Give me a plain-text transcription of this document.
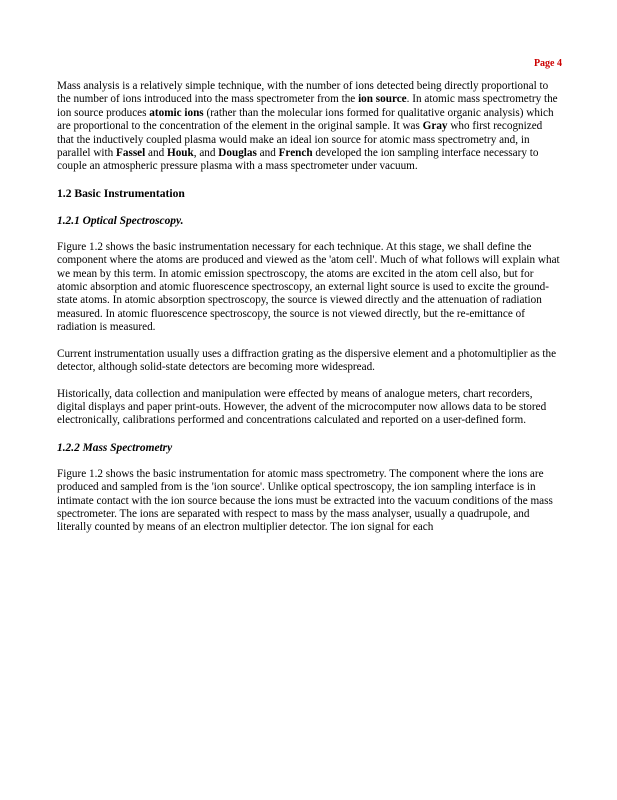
Page 4

Mass analysis is a relatively simple technique, with the number of ions detected being directly proportional to the number of ions introduced into the mass spectrometer from the ion source. In atomic mass spectrometry the ion source produces atomic ions (rather than the molecular ions formed for qualitative organic analysis) which are proportional to the concentration of the element in the original sample. It was Gray who first recognized that the inductively coupled plasma would make an ideal ion source for atomic mass spectrometry and, in parallel with Fassel and Houk, and Douglas and French developed the ion sampling interface necessary to couple an atmospheric pressure plasma with a mass spectrometer under vacuum.

1.2 Basic Instrumentation
1.2.1 Optical Spectroscopy.

Figure 1.2 shows the basic instrumentation necessary for each technique. At this stage, we shall define the component where the atoms are produced and viewed as the 'atom cell'. Much of what follows will explain what we mean by this term. In atomic emission spectroscopy, the atoms are excited in the atom cell also, but for atomic absorption and atomic fluorescence spectroscopy, an external light source is used to excite the ground-state atoms. In atomic absorption spectroscopy, the source is viewed directly and the attenuation of radiation measured. In atomic fluorescence spectroscopy, the source is not viewed directly, but the re-emittance of radiation is measured.

Current instrumentation usually uses a diffraction grating as the dispersive element and a photomultiplier as the detector, although solid-state detectors are becoming more widespread.

Historically, data collection and manipulation were effected by means of analogue meters, chart recorders, digital displays and paper print-outs. However, the advent of the microcomputer now allows data to be stored electronically, calibrations performed and concentrations calculated and reported on a user-defined form.

1.2.2 Mass Spectrometry

Figure 1.2 shows the basic instrumentation for atomic mass spectrometry. The component where the ions are produced and sampled from is the 'ion source'. Unlike optical spectroscopy, the ion sampling interface is in intimate contact with the ion source because the ions must be extracted into the vacuum conditions of the mass spectrometer. The ions are separated with respect to mass by the mass analyser, usually a quadrupole, and literally counted by means of an electron multiplier detector. The ion signal for each
